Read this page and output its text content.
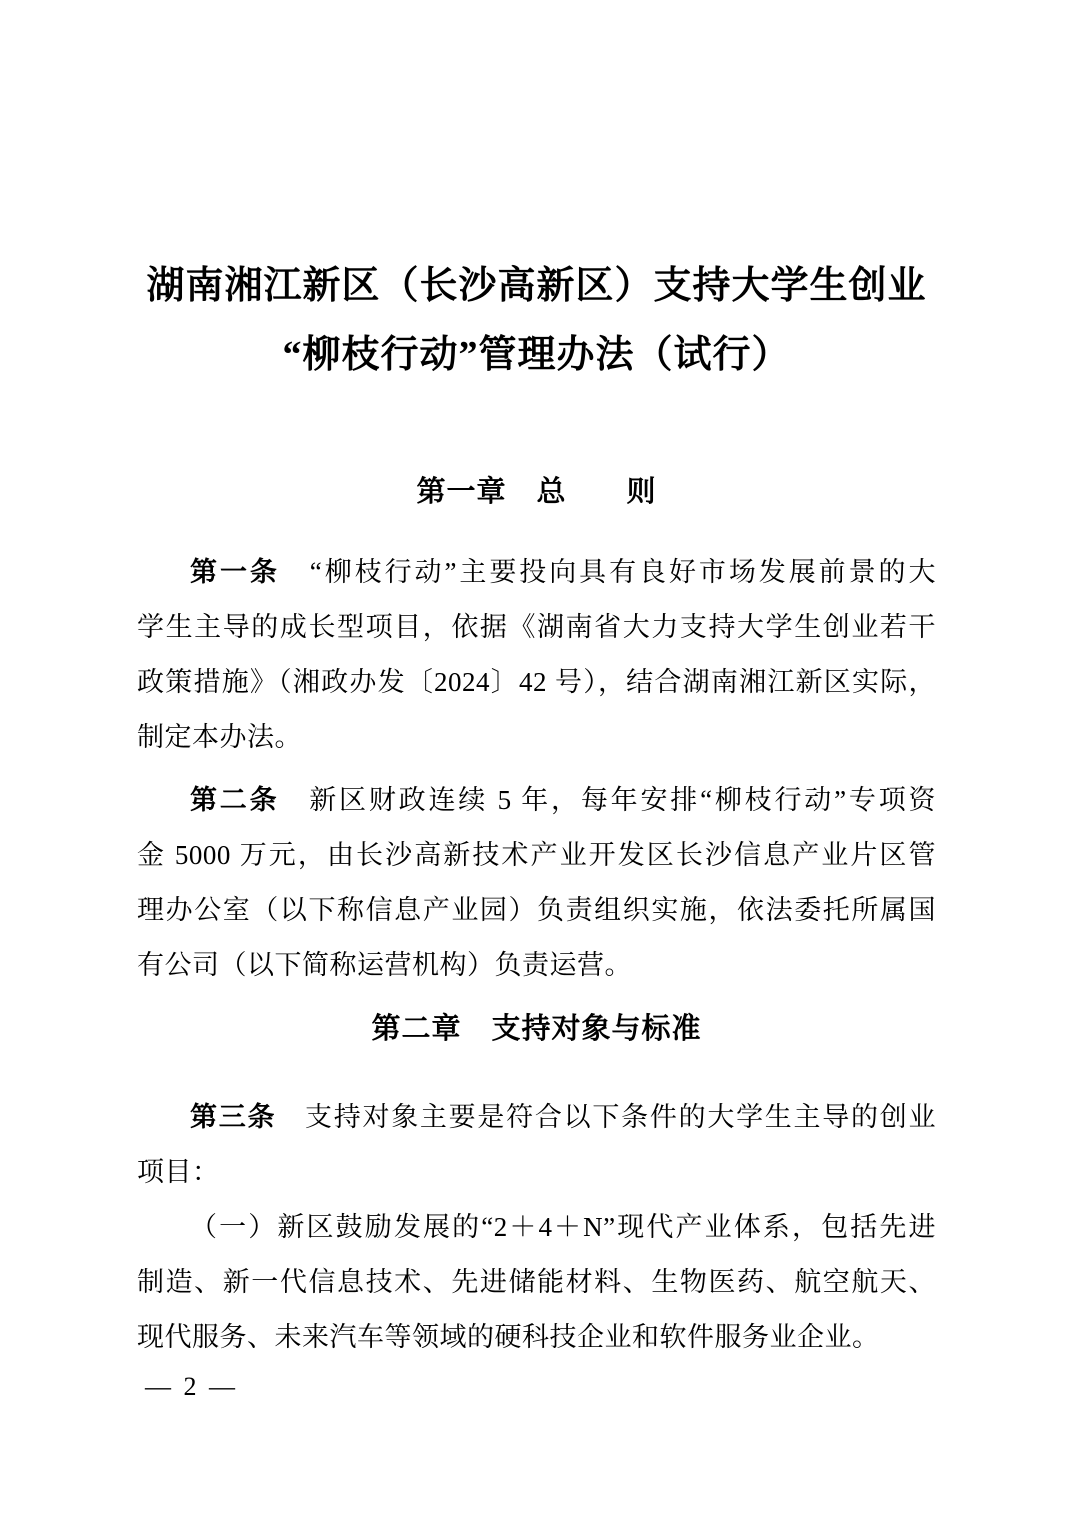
湖南湘江新区（长沙高新区）支持大学生创业
“柳枝行动”管理办法（试行）
第一章　总　　则
第一条　“柳枝行动”主要投向具有良好市场发展前景的大
学生主导的成长型项目，依据《湖南省大力支持大学生创业若干
政策措施》（湘政办发〔2024〕42 号），结合湖南湘江新区实际，
制定本办法。
第二条　新区财政连续 5 年，每年安排“柳枝行动”专项资
金 5000 万元，由长沙高新技术产业开发区长沙信息产业片区管
理办公室（以下称信息产业园）负责组织实施，依法委托所属国
有公司（以下简称运营机构）负责运营。
第二章　支持对象与标准
第三条　支持对象主要是符合以下条件的大学生主导的创业
项目：
（一）新区鼓励发展的“2＋4＋N”现代产业体系，包括先进
制造、新一代信息技术、先进储能材料、生物医药、航空航天、
现代服务、未来汽车等领域的硬科技企业和软件服务业企业。
— 2 —
